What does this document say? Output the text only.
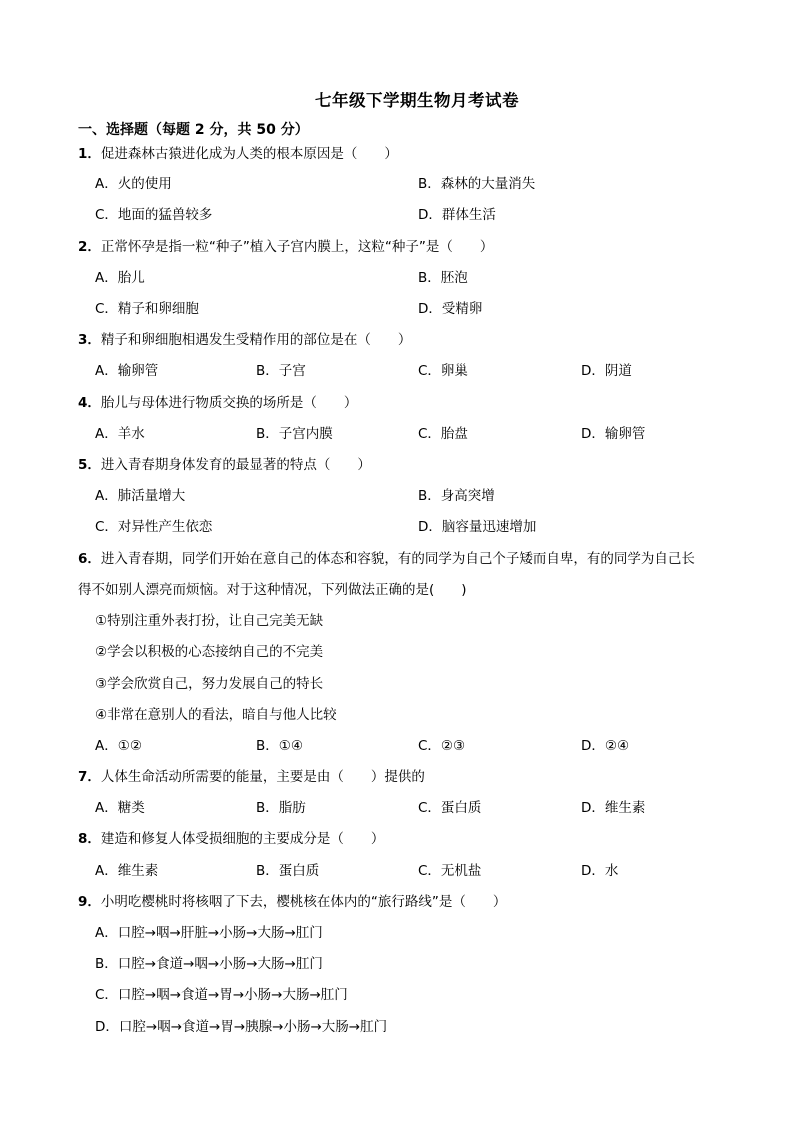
七年级下学期生物月考试卷
一、选择题（每题 2 分，共 50 分）
1．促进森林古猿进化成为人类的根本原因是（　　）
A．火的使用	B．森林的大量消失
C．地面的猛兽较多	D．群体生活
2．正常怀孕是指一粒“种子”植入子宫内膜上，这粒“种子”是（　　）
A．胎儿	B．胚泡
C．精子和卵细胞	D．受精卵
3．精子和卵细胞相遇发生受精作用的部位是在（　　）
A．输卵管	B．子宫	C．卵巢	D．阴道
4．胎儿与母体进行物质交换的场所是（　　）
A．羊水	B．子宫内膜	C．胎盘	D．输卵管
5．进入青春期身体发育的最显著的特点（　　）
A．肺活量增大	B．身高突增
C．对异性产生依恋	D．脑容量迅速增加
6．进入青春期，同学们开始在意自己的体态和容貌，有的同学为自己个子矮而自卑，有的同学为自己长
得不如别人漂亮而烦恼。对于这种情况，下列做法正确的是(　　)
①特别注重外表打扮，让自己完美无缺
②学会以积极的心态接纳自己的不完美
③学会欣赏自己，努力发展自己的特长
④非常在意别人的看法，暗自与他人比较
A．①②	B．①④	C．②③	D．②④
7．人体生命活动所需要的能量，主要是由（　　）提供的
A．糖类	B．脂肪	C．蛋白质	D．维生素
8．建造和修复人体受损细胞的主要成分是（　　）
A．维生素	B．蛋白质	C．无机盐	D．水
9．小明吃樱桃时将核咽了下去，樱桃核在体内的“旅行路线”是（　　）
A．口腔→咽→肝脏→小肠→大肠→肛门
B．口腔→食道→咽→小肠→大肠→肛门
C．口腔→咽→食道→胃→小肠→大肠→肛门
D．口腔→咽→食道→胃→胰腺→小肠→大肠→肛门
